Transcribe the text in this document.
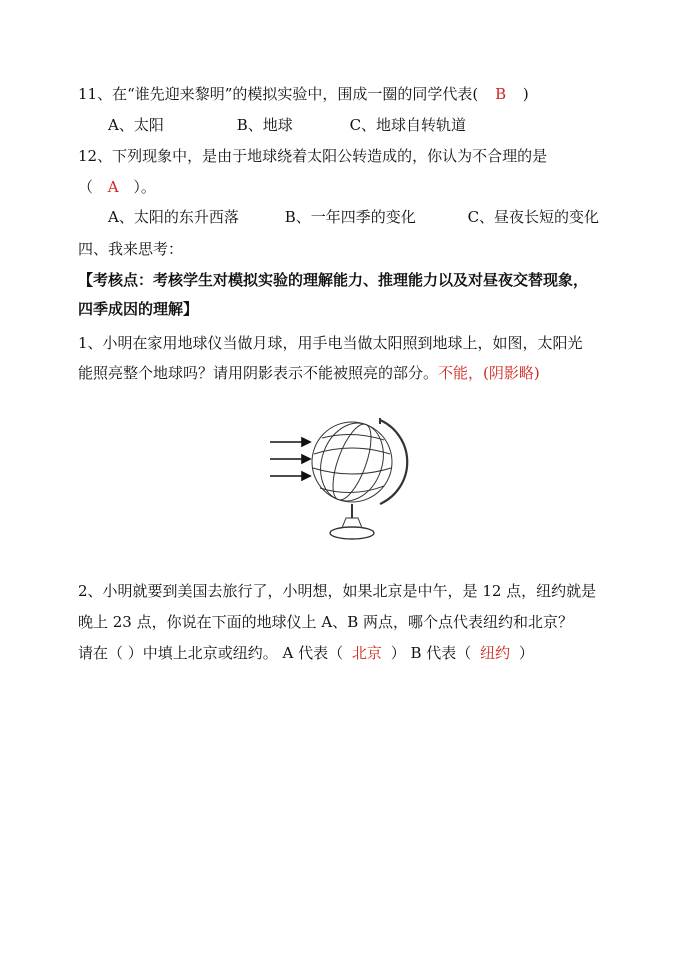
11、在“谁先迎来黎明”的模拟实验中，围成一圈的同学代表( B )
A、太阳	B、地球	C、地球自转轨道
12、下列现象中，是由于地球绕着太阳公转造成的，你认为不合理的是
（ A ）。
A、太阳的东升西落	B、一年四季的变化	C、昼夜长短的变化
四、我来思考：
【考核点：考核学生对模拟实验的理解能力、推理能力以及对昼夜交替现象，
四季成因的理解】
1、小明在家用地球仪当做月球，用手电当做太阳照到地球上，如图，太阳光
能照亮整个地球吗？请用阴影表示不能被照亮的部分。不能，(阴影略)
2、小明就要到美国去旅行了，小明想，如果北京是中午，是 12 点，纽约就是
晚上 23 点，你说在下面的地球仪上 A、B 两点，哪个点代表纽约和北京？
请在（ ）中填上北京或纽约。 A 代表（ 北京 ） B 代表（ 纽约 ）
